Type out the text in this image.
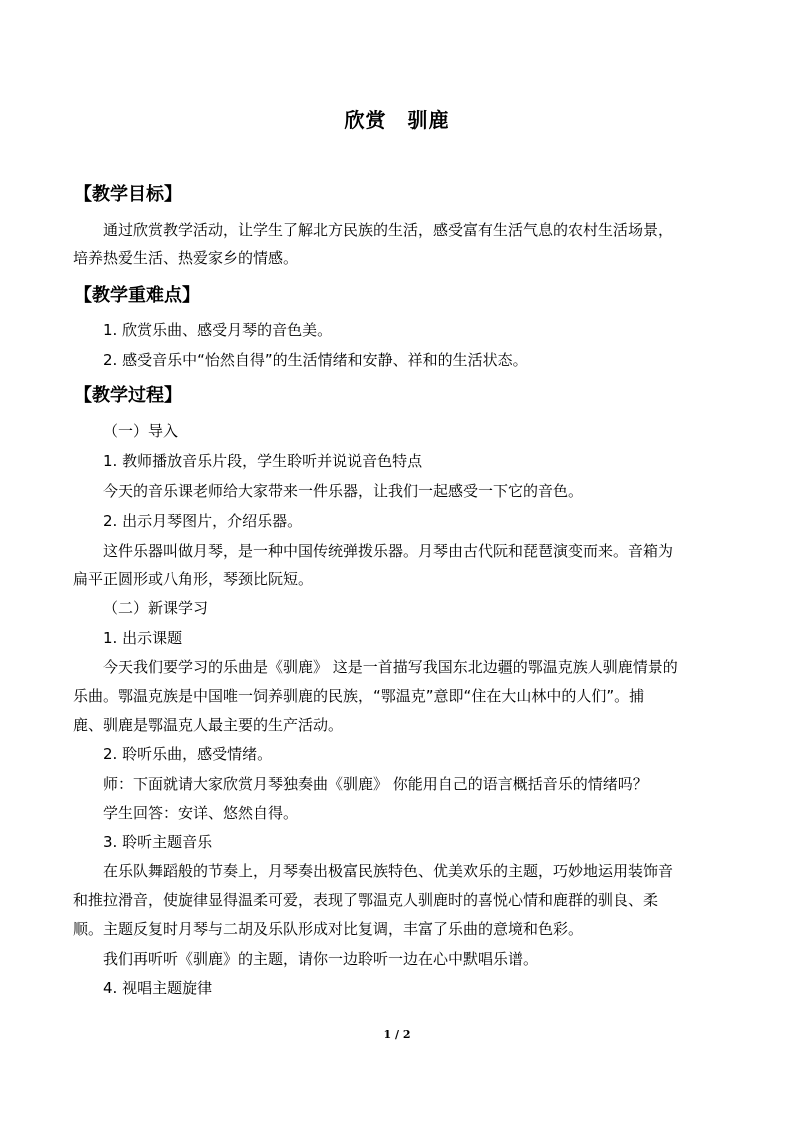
欣赏　驯鹿
【教学目标】
通过欣赏教学活动，让学生了解北方民族的生活，感受富有生活气息的农村生活场景，
培养热爱生活、热爱家乡的情感。
【教学重难点】
1. 欣赏乐曲、感受月琴的音色美。
2. 感受音乐中“怡然自得”的生活情绪和安静、祥和的生活状态。
【教学过程】
（一）导入
1. 教师播放音乐片段，学生聆听并说说音色特点
今天的音乐课老师给大家带来一件乐器，让我们一起感受一下它的音色。
2. 出示月琴图片，介绍乐器。
这件乐器叫做月琴，是一种中国传统弹拨乐器。月琴由古代阮和琵琶演变而来。音箱为
扁平正圆形或八角形，琴颈比阮短。
（二）新课学习
1. 出示课题
今天我们要学习的乐曲是《驯鹿》 这是一首描写我国东北边疆的鄂温克族人驯鹿情景的
乐曲。鄂温克族是中国唯一饲养驯鹿的民族，“鄂温克”意即“住在大山林中的人们”。捕
鹿、驯鹿是鄂温克人最主要的生产活动。
2. 聆听乐曲，感受情绪。
师：下面就请大家欣赏月琴独奏曲《驯鹿》 你能用自己的语言概括音乐的情绪吗？
学生回答：安详、悠然自得。
3. 聆听主题音乐
在乐队舞蹈般的节奏上，月琴奏出极富民族特色、优美欢乐的主题，巧妙地运用装饰音
和推拉滑音，使旋律显得温柔可爱，表现了鄂温克人驯鹿时的喜悦心情和鹿群的驯良、柔
顺。主题反复时月琴与二胡及乐队形成对比复调，丰富了乐曲的意境和色彩。
我们再听听《驯鹿》的主题，请你一边聆听一边在心中默唱乐谱。
4. 视唱主题旋律
1 / 2
